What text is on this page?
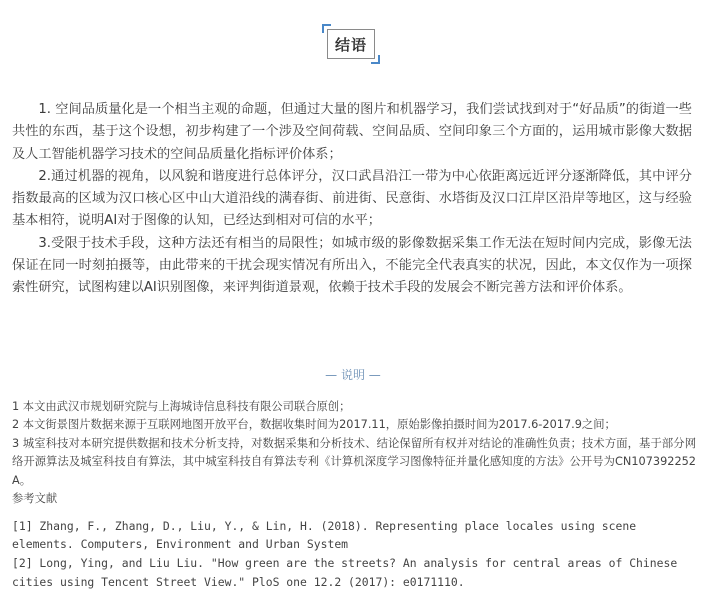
结语

1. 空间品质量化是一个相当主观的命题，但通过大量的图片和机器学习，我们尝试找到对于“好品质”的街道一些共性的东西，基于这个设想，初步构建了一个涉及空间荷载、空间品质、空间印象三个方面的，运用城市影像大数据及人工智能机器学习技术的空间品质量化指标评价体系；

2.通过机器的视角，以风貌和谐度进行总体评分，汉口武昌沿江一带为中心依距离远近评分逐渐降低，其中评分指数最高的区域为汉口核心区中山大道沿线的满春街、前进街、民意街、水塔街及汉口江岸区沿岸等地区，这与经验基本相符，说明AI对于图像的认知，已经达到相对可信的水平；

3.受限于技术手段，这种方法还有相当的局限性；如城市级的影像数据采集工作无法在短时间内完成，影像无法保证在同一时刻拍摄等，由此带来的干扰会现实情况有所出入，不能完全代表真实的状况，因此，本文仅作为一项探索性研究，试图构建以AI识别图像，来评判街道景观，依赖于技术手段的发展会不断完善方法和评价体系。

— 说明 —

1 本文由武汉市规划研究院与上海城诗信息科技有限公司联合原创；

2 本文街景图片数据来源于互联网地图开放平台，数据收集时间为2017.11，原始影像拍摄时间为2017.6-2017.9之间；

3 城室科技对本研究提供数据和技术分析支持，对数据采集和分析技术、结论保留所有权并对结论的准确性负责；技术方面，基于部分网络开源算法及城室科技自有算法，其中城室科技自有算法专利《计算机深度学习图像特征并量化感知度的方法》公开号为CN107392252A。

参考文献

[1] Zhang, F., Zhang, D., Liu, Y., & Lin, H. (2018). Representing place locales using scene elements. Computers, Environment and Urban System

[2] Long, Ying, and Liu Liu. "How green are the streets? An analysis for central areas of Chinese cities using Tencent Street View." PloS one 12.2 (2017): e0171110.
